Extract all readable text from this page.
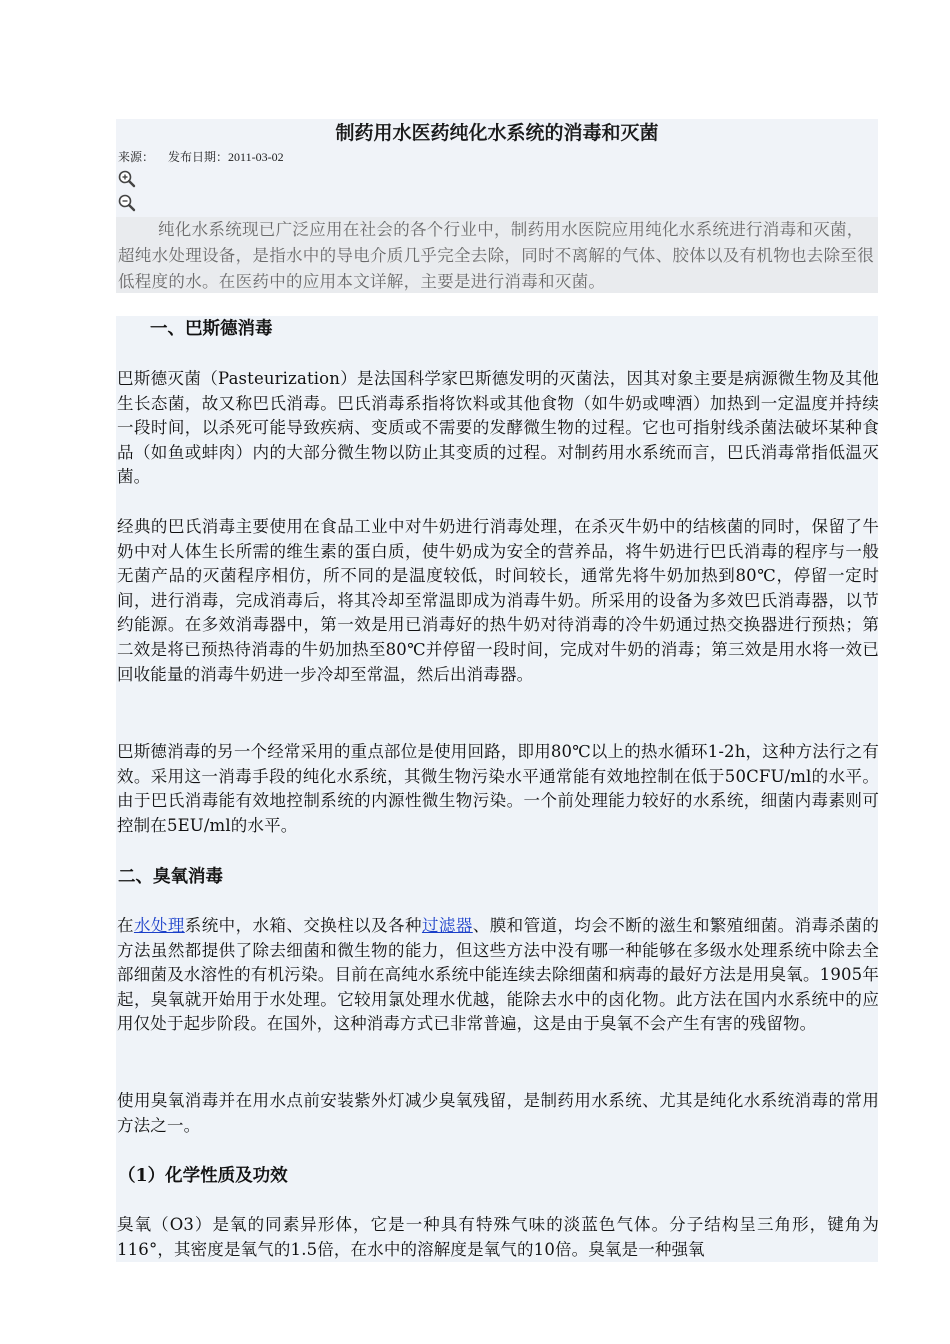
制药用水医药纯化水系统的消毒和灭菌
来源： 发布日期：2011-03-02

纯化水系统现已广泛应用在社会的各个行业中，制药用水医院应用纯化水系统进行消毒和灭菌，超纯水处理设备，是指水中的导电介质几乎完全去除，同时不离解的气体、胶体以及有机物也去除至很低程度的水。在医药中的应用本文详解，主要是进行消毒和灭菌。

一、巴斯德消毒

巴斯德灭菌（Pasteurization）是法国科学家巴斯德发明的灭菌法，因其对象主要是病源微生物及其他生长态菌，故又称巴氏消毒。巴氏消毒系指将饮料或其他食物（如牛奶或啤酒）加热到一定温度并持续一段时间，以杀死可能导致疾病、变质或不需要的发酵微生物的过程。它也可指射线杀菌法破坏某种食品（如鱼或蚌肉）内的大部分微生物以防止其变质的过程。对制药用水系统而言，巴氏消毒常指低温灭菌。

经典的巴氏消毒主要使用在食品工业中对牛奶进行消毒处理，在杀灭牛奶中的结核菌的同时，保留了牛奶中对人体生长所需的维生素的蛋白质，使牛奶成为安全的营养品，将牛奶进行巴氏消毒的程序与一般无菌产品的灭菌程序相仿，所不同的是温度较低，时间较长，通常先将牛奶加热到80℃，停留一定时间，进行消毒，完成消毒后，将其冷却至常温即成为消毒牛奶。所采用的设备为多效巴氏消毒器，以节约能源。在多效消毒器中，第一效是用已消毒好的热牛奶对待消毒的冷牛奶通过热交换器进行预热；第二效是将已预热待消毒的牛奶加热至80℃并停留一段时间，完成对牛奶的消毒；第三效是用水将一效已回收能量的消毒牛奶进一步冷却至常温，然后出消毒器。

巴斯德消毒的另一个经常采用的重点部位是使用回路，即用80℃以上的热水循环1-2h，这种方法行之有效。采用这一消毒手段的纯化水系统，其微生物污染水平通常能有效地控制在低于50CFU/ml的水平。由于巴氏消毒能有效地控制系统的内源性微生物污染。一个前处理能力较好的水系统，细菌内毒素则可控制在5EU/ml的水平。

二、臭氧消毒

在水处理系统中，水箱、交换柱以及各种过滤器、膜和管道，均会不断的滋生和繁殖细菌。消毒杀菌的方法虽然都提供了除去细菌和微生物的能力，但这些方法中没有哪一种能够在多级水处理系统中除去全部细菌及水溶性的有机污染。目前在高纯水系统中能连续去除细菌和病毒的最好方法是用臭氧。1905年起，臭氧就开始用于水处理。它较用氯处理水优越，能除去水中的卤化物。此方法在国内水系统中的应用仅处于起步阶段。在国外，这种消毒方式已非常普遍，这是由于臭氧不会产生有害的残留物。

使用臭氧消毒并在用水点前安装紫外灯减少臭氧残留，是制药用水系统、尤其是纯化水系统消毒的常用方法之一。

（1）化学性质及功效

臭氧（O3）是氧的同素异形体，它是一种具有特殊气味的淡蓝色气体。分子结构呈三角形，键角为116°，其密度是氧气的1.5倍，在水中的溶解度是氧气的10倍。臭氧是一种强氧
